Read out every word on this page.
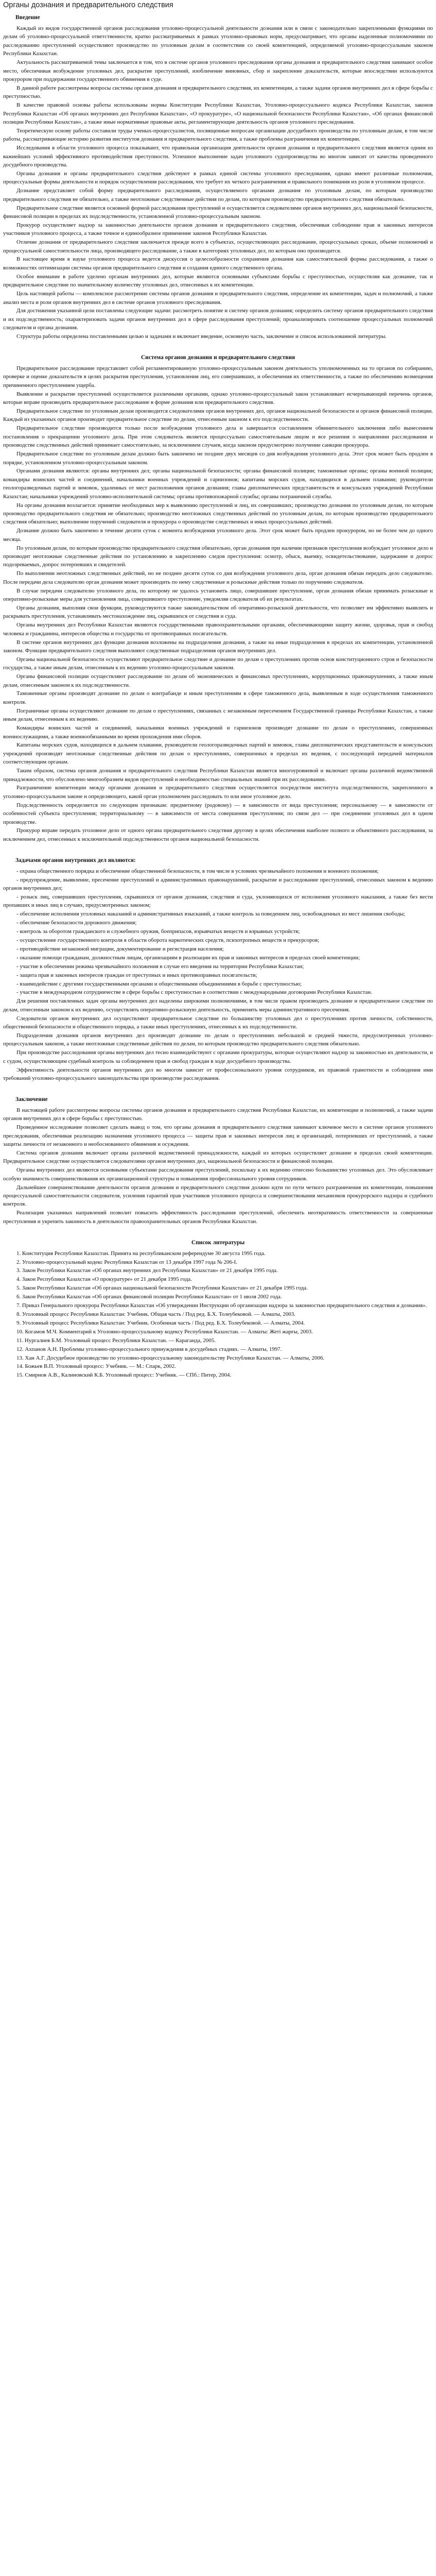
Органы дознания и предварительного следствия
Введение

Каждый из видов государственной органов расследования уголовно-процессуальной деятельности дознания или в связи с законодательно закрепленными функциями по делам об уголовно-процессуальной ответственности, кратко рассматриваемых в рамках уголовно-правовых норм, предусматривает, что органы наделенные полномочиями по расследованию преступлений осуществляют производство по уголовным делам в соответствии со своей компетенцией, определяемой уголовно-процессуальным законом Республики Казахстан.

Актуальность рассматриваемой темы заключается в том, что в системе органов уголовного преследования органы дознания и предварительного следствия занимают особое место, обеспечивая возбуждение уголовных дел, раскрытие преступлений, изобличение виновных, сбор и закрепление доказательств, которые впоследствии используются прокурором при поддержании государственного обвинения в суде.

В данной работе рассмотрены вопросы системы органов дознания и предварительного следствия, их компетенции, а также задачи органов внутренних дел в сфере борьбы с преступностью.

В качестве правовой основы работы использованы нормы Конституции Республики Казахстан, Уголовно-процессуального кодекса Республики Казахстан, законов Республики Казахстан «Об органах внутренних дел Республики Казахстан», «О прокуратуре», «О национальной безопасности Республики Казахстан», «Об органах финансовой полиции Республики Казахстан», а также иные нормативные правовые акты, регламентирующие деятельность органов уголовного преследования.

Теоретическую основу работы составили труды ученых-процессуалистов, посвященные вопросам организации досудебного производства по уголовным делам, в том числе работы, рассматривающие историю развития институтов дознания и предварительного следствия, а также проблемы разграничения их компетенции.

Исследования в области уголовного процесса показывают, что правильная организация деятельности органов дознания и предварительного следствия является одним из важнейших условий эффективного противодействия преступности. Успешное выполнение задач уголовного судопроизводства во многом зависит от качества проведенного досудебного производства.

Органы дознания и органы предварительного следствия действуют в рамках единой системы уголовного преследования, однако имеют различные полномочия, процессуальные формы деятельности и порядок осуществления расследования, что требует их четкого разграничения и правильного понимания их роли в уголовном процессе.

Дознание представляет собой форму предварительного расследования, осуществляемого органами дознания по уголовным делам, по которым производство предварительного следствия не обязательно, а также неотложные следственные действия по делам, по которым производство предварительного следствия обязательно.

Предварительное следствие является основной формой расследования преступлений и осуществляется следователями органов внутренних дел, национальной безопасности, финансовой полиции в пределах их подследственности, установленной уголовно-процессуальным законом.

Прокурор осуществляет надзор за законностью деятельности органов дознания и предварительного следствия, обеспечивая соблюдение прав и законных интересов участников уголовного процесса, а также точное и единообразное применение законов Республики Казахстан.

Отличие дознания от предварительного следствия заключается прежде всего в субъектах, осуществляющих расследование, процессуальных сроках, объеме полномочий и процессуальной самостоятельности лица, производящего расследование, а также в категориях уголовных дел, по которым оно производится.

В настоящее время в науке уголовного процесса ведется дискуссия о целесообразности сохранения дознания как самостоятельной формы расследования, а также о возможностях оптимизации системы органов предварительного следствия и создания единого следственного органа.

Особое внимание в работе уделено органам внутренних дел, которые являются основными субъектами борьбы с преступностью, осуществляя как дознание, так и предварительное следствие по значительному количеству уголовных дел, отнесенных к их компетенции.

Цель настоящей работы — комплексное рассмотрение системы органов дознания и предварительного следствия, определение их компетенции, задач и полномочий, а также анализ места и роли органов внутренних дел в системе органов уголовного преследования.

Для достижения указанной цели поставлены следующие задачи: рассмотреть понятие и систему органов дознания; определить систему органов предварительного следствия и их подследственность; охарактеризовать задачи органов внутренних дел в сфере расследования преступлений; проанализировать соотношение процессуальных полномочий следователя и органа дознания.

Структура работы определена поставленными целью и задачами и включает введение, основную часть, заключение и список использованной литературы.

Система органов дознания и предварительного следствия

Предварительное расследование представляет собой регламентированную уголовно-процессуальным законом деятельность уполномоченных на то органов по собиранию, проверке и оценке доказательств в целях раскрытия преступления, установления лиц, его совершивших, и обеспечения их ответственности, а также по обеспечению возмещения причиненного преступлением ущерба.

Выявление и раскрытие преступлений осуществляется различными органами, однако уголовно-процессуальный закон устанавливает исчерпывающий перечень органов, которые вправе производить предварительное расследование в форме дознания или предварительного следствия.

Предварительное следствие по уголовным делам производится следователями органов внутренних дел, органов национальной безопасности и органов финансовой полиции. Каждый из указанных органов производит предварительное следствие по делам, отнесенным законом к его подследственности.

Предварительное следствие производится только после возбуждения уголовного дела и завершается составлением обвинительного заключения либо вынесением постановления о прекращении уголовного дела. При этом следователь является процессуально самостоятельным лицом и все решения о направлении расследования и производстве следственных действий принимает самостоятельно, за исключением случаев, когда законом предусмотрено получение санкции прокурора.

Предварительное следствие по уголовным делам должно быть закончено не позднее двух месяцев со дня возбуждения уголовного дела. Этот срок может быть продлен в порядке, установленном уголовно-процессуальным законом.

Органами дознания являются: органы внутренних дел; органы национальной безопасности; органы финансовой полиции; таможенные органы; органы военной полиции; командиры воинских частей и соединений, начальники военных учреждений и гарнизонов; капитаны морских судов, находящихся в дальнем плавании; руководители геологоразведочных партий и зимовок, удаленных от мест расположения органов дознания; главы дипломатических представительств и консульских учреждений Республики Казахстан; начальники учреждений уголовно-исполнительной системы; органы противопожарной службы; органы пограничной службы.

На органы дознания возлагается: принятие необходимых мер к выявлению преступлений и лиц, их совершивших; производство дознания по уголовным делам, по которым производство предварительного следствия не обязательно; производство неотложных следственных действий по уголовным делам, по которым производство предварительного следствия обязательно; выполнение поручений следователя и прокурора о производстве следственных и иных процессуальных действий.

Дознание должно быть закончено в течение десяти суток с момента возбуждения уголовного дела. Этот срок может быть продлен прокурором, но не более чем до одного месяца.

По уголовным делам, по которым производство предварительного следствия обязательно, орган дознания при наличии признаков преступления возбуждает уголовное дело и производит неотложные следственные действия по установлению и закреплению следов преступления: осмотр, обыск, выемку, освидетельствование, задержание и допрос подозреваемых, допрос потерпевших и свидетелей.

По выполнении неотложных следственных действий, но не позднее десяти суток со дня возбуждения уголовного дела, орган дознания обязан передать дело следователю. После передачи дела следователю орган дознания может производить по нему следственные и розыскные действия только по поручению следователя.

В случае передачи следователю уголовного дела, по которому не удалось установить лицо, совершившее преступление, орган дознания обязан принимать розыскные и оперативно-розыскные меры для установления лица, совершившего преступление, уведомляя следователя об их результатах.

Органы дознания, выполняя свои функции, руководствуются также законодательством об оперативно-розыскной деятельности, что позволяет им эффективно выявлять и раскрывать преступления, устанавливать местонахождение лиц, скрывшихся от следствия и суда.

Органы внутренних дел Республики Казахстан являются государственными правоохранительными органами, обеспечивающими защиту жизни, здоровья, прав и свобод человека и гражданина, интересов общества и государства от противоправных посягательств.

В системе органов внутренних дел функции дознания возложены на подразделения дознания, а также на иные подразделения в пределах их компетенции, установленной законом. Функции предварительного следствия выполняют следственные подразделения органов внутренних дел.

Органы национальной безопасности осуществляют предварительное следствие и дознание по делам о преступлениях против основ конституционного строя и безопасности государства, а также иным делам, отнесенным к их ведению уголовно-процессуальным законом.

Органы финансовой полиции осуществляют расследование по делам об экономических и финансовых преступлениях, коррупционных правонарушениях, а также иным делам, отнесенным законом к их подследственности.

Таможенные органы производят дознание по делам о контрабанде и иным преступлениям в сфере таможенного дела, выявленным в ходе осуществления таможенного контроля.

Пограничные органы осуществляют дознание по делам о преступлениях, связанных с незаконным пересечением Государственной границы Республики Казахстан, а также иным делам, отнесенным к их ведению.

Командиры воинских частей и соединений, начальники военных учреждений и гарнизонов производят дознание по делам о преступлениях, совершенных военнослужащими, а также военнообязанными во время прохождения ими сборов.

Капитаны морских судов, находящихся в дальнем плавании, руководители геологоразведочных партий и зимовок, главы дипломатических представительств и консульских учреждений производят неотложные следственные действия по делам о преступлениях, совершенных в пределах их ведения, с последующей передачей материалов соответствующим органам.

Таким образом, система органов дознания и предварительного следствия Республики Казахстан является многоуровневой и включает органы различной ведомственной принадлежности, что обусловлено многообразием видов преступлений и необходимостью специальных знаний при их расследовании.

Разграничение компетенции между органами дознания и предварительного следствия осуществляется посредством института подследственности, закрепленного в уголовно-процессуальном законе и определяющего, какой орган уполномочен расследовать то или иное уголовное дело.

Подследственность определяется по следующим признакам: предметному (родовому) — в зависимости от вида преступления; персональному — в зависимости от особенностей субъекта преступления; территориальному — в зависимости от места совершения преступления; по связи дел — при соединении уголовных дел в одном производстве.

Прокурор вправе передать уголовное дело от одного органа предварительного следствия другому в целях обеспечения наиболее полного и объективного расследования, за исключением дел, отнесенных к исключительной подследственности органов национальной безопасности.

Задачами органов внутренних дел являются:

- охрана общественного порядка и обеспечение общественной безопасности, в том числе в условиях чрезвычайного положения и военного положения;

- предупреждение, выявление, пресечение преступлений и административных правонарушений, раскрытие и расследование преступлений, отнесенных законом к ведению органов внутренних дел;

- розыск лиц, совершивших преступления, скрывшихся от органов дознания, следствия и суда, уклоняющихся от исполнения уголовного наказания, а также без вести пропавших и иных лиц в случаях, предусмотренных законом;

- обеспечение исполнения уголовных наказаний и административных взысканий, а также контроль за поведением лиц, освобожденных из мест лишения свободы;

- обеспечение безопасности дорожного движения;

- контроль за оборотом гражданского и служебного оружия, боеприпасов, взрывчатых веществ и взрывных устройств;

- осуществление государственного контроля в области оборота наркотических средств, психотропных веществ и прекурсоров;

- противодействие незаконной миграции, документирование и регистрация населения;

- оказание помощи гражданам, должностным лицам, организациям в реализации их прав и законных интересов в пределах своей компетенции;

- участие в обеспечении режима чрезвычайного положения в случае его введения на территории Республики Казахстан;

- защита прав и законных интересов граждан от преступных и иных противоправных посягательств;

- взаимодействие с другими государственными органами и общественными объединениями в борьбе с преступностью;

- участие в международном сотрудничестве в сфере борьбы с преступностью в соответствии с международными договорами Республики Казахстан.

Для решения поставленных задач органы внутренних дел наделены широкими полномочиями, в том числе правом производить дознание и предварительное следствие по делам, отнесенным законом к их ведению, осуществлять оперативно-розыскную деятельность, применять меры административного пресечения.

Следователи органов внутренних дел осуществляют предварительное следствие по большинству уголовных дел о преступлениях против личности, собственности, общественной безопасности и общественного порядка, а также иных преступлениях, отнесенных к их подследственности.

Подразделения дознания органов внутренних дел производят дознание по делам о преступлениях небольшой и средней тяжести, предусмотренных уголовно-процессуальным законом, а также неотложные следственные действия по делам, по которым производство предварительного следствия обязательно.

При производстве расследования органы внутренних дел тесно взаимодействуют с органами прокуратуры, которые осуществляют надзор за законностью их деятельности, и с судом, осуществляющим судебный контроль за соблюдением прав и свобод граждан в ходе досудебного производства.

Эффективность деятельности органов внутренних дел во многом зависит от профессионального уровня сотрудников, их правовой грамотности и соблюдения ими требований уголовно-процессуального законодательства при производстве расследования.

Заключение

В настоящей работе рассмотрены вопросы системы органов дознания и предварительного следствия Республики Казахстан, их компетенции и полномочий, а также задачи органов внутренних дел в сфере борьбы с преступностью.

Проведенное исследование позволяет сделать вывод о том, что органы дознания и предварительного следствия занимают ключевое место в системе органов уголовного преследования, обеспечивая реализацию назначения уголовного процесса — защиты прав и законных интересов лиц и организаций, потерпевших от преступлений, а также защиты личности от незаконного и необоснованного обвинения и осуждения.

Система органов дознания включает органы различной ведомственной принадлежности, каждый из которых осуществляет дознание в пределах своей компетенции. Предварительное следствие осуществляется следователями органов внутренних дел, национальной безопасности и финансовой полиции.

Органы внутренних дел являются основными субъектами расследования преступлений, поскольку к их ведению отнесено большинство уголовных дел. Это обусловливает особую значимость совершенствования их организационной структуры и повышения профессионального уровня сотрудников.

Дальнейшее совершенствование деятельности органов дознания и предварительного следствия должно идти по пути четкого разграничения их компетенции, повышения процессуальной самостоятельности следователя, усиления гарантий прав участников уголовного процесса и совершенствования механизмов прокурорского надзора и судебного контроля.

Реализация указанных направлений позволит повысить эффективность расследования преступлений, обеспечить неотвратимость ответственности за совершенные преступления и укрепить законность в деятельности правоохранительных органов Республики Казахстан.

Список литературы

1. Конституция Республики Казахстан. Принята на республиканском референдуме 30 августа 1995 года.

2. Уголовно-процессуальный кодекс Республики Казахстан от 13 декабря 1997 года № 206-I.

3. Закон Республики Казахстан «Об органах внутренних дел Республики Казахстан» от 21 декабря 1995 года.

4. Закон Республики Казахстан «О прокуратуре» от 21 декабря 1995 года.

5. Закон Республики Казахстан «Об органах национальной безопасности Республики Казахстан» от 21 декабря 1995 года.

6. Закон Республики Казахстан «Об органах финансовой полиции Республики Казахстан» от 1 июля 2002 года.

7. Приказ Генерального прокурора Республики Казахстан «Об утверждении Инструкции об организации надзора за законностью предварительного следствия и дознания».

8. Уголовный процесс Республики Казахстан: Учебник. Общая часть / Под ред. Б.Х. Толеубековой. — Алматы, 2003.

9. Уголовный процесс Республики Казахстан: Учебник. Особенная часть / Под ред. Б.Х. Толеубековой. — Алматы, 2004.

10. Когамов М.Ч. Комментарий к Уголовно-процессуальному кодексу Республики Казахстан. — Алматы: Жеті жарғы, 2003.

11. Нургалиев Б.М. Уголовный процесс Республики Казахстан. — Караганда, 2005.

12. Ахпанов А.Н. Проблемы уголовно-процессуального принуждения в досудебных стадиях. — Алматы, 1997.

13. Хан А.Г. Досудебное производство по уголовно-процессуальному законодательству Республики Казахстан. — Алматы, 2006.

14. Божьев В.П. Уголовный процесс: Учебник. — М.: Спарк, 2002.

15. Смирнов А.В., Калиновский К.Б. Уголовный процесс: Учебник. — СПб.: Питер, 2004.
